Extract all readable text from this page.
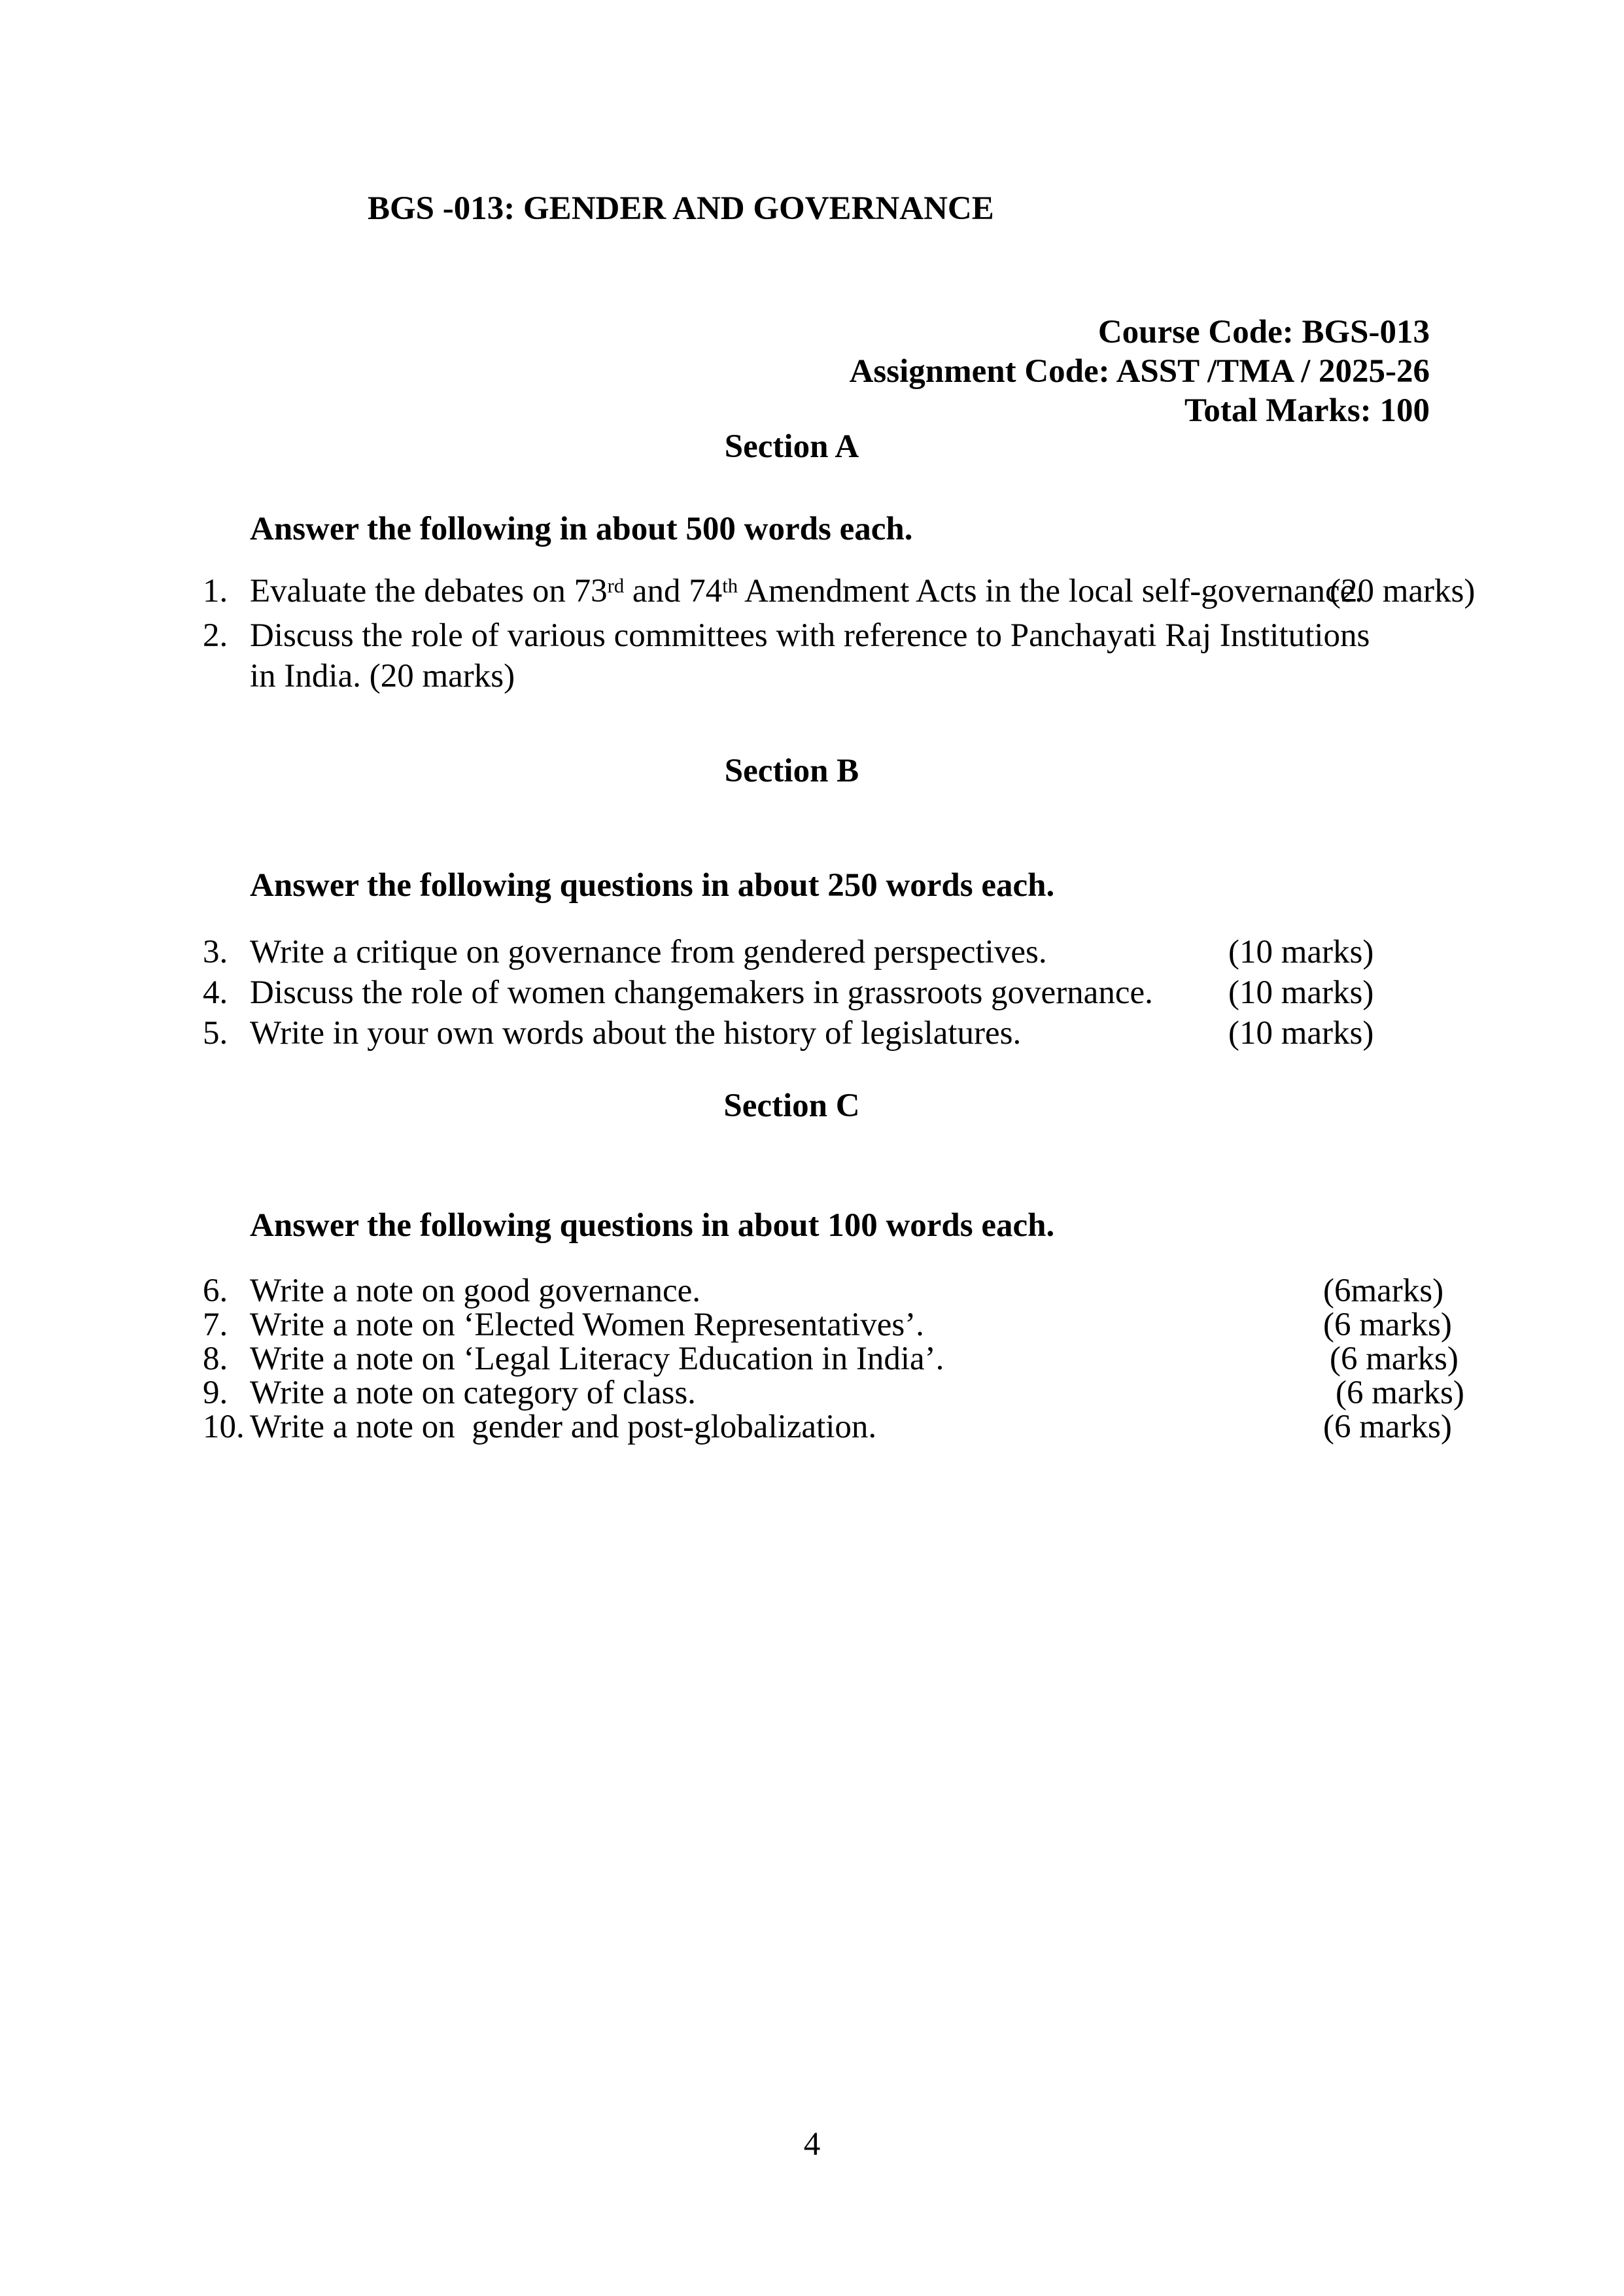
BGS -013: GENDER AND GOVERNANCE
Course Code: BGS-013
Assignment Code: ASST /TMA / 2025-26
Total Marks: 100
Section A
Answer the following in about 500 words each.
1. Evaluate the debates on 73rd and 74th Amendment Acts in the local self-governance.
(20 marks)
2. Discuss the role of various committees with reference to Panchayati Raj Institutions in India. (20 marks)
Section B
Answer the following questions in about 250 words each.
3. Write a critique on governance from gendered perspectives.	(10 marks)
4. Discuss the role of women changemakers in grassroots governance. (10 marks)
5. Write in your own words about the history of legislatures.	(10 marks)
Section C
Answer the following questions in about 100 words each.
6. Write a note on good governance.	(6marks)
7. Write a note on ‘Elected Women Representatives’.	(6 marks)
8. Write a note on ‘Legal Literacy Education in India’.	(6 marks)
9. Write a note on category of class.	(6 marks)
10. Write a note on  gender and post-globalization.	(6 marks)
4
